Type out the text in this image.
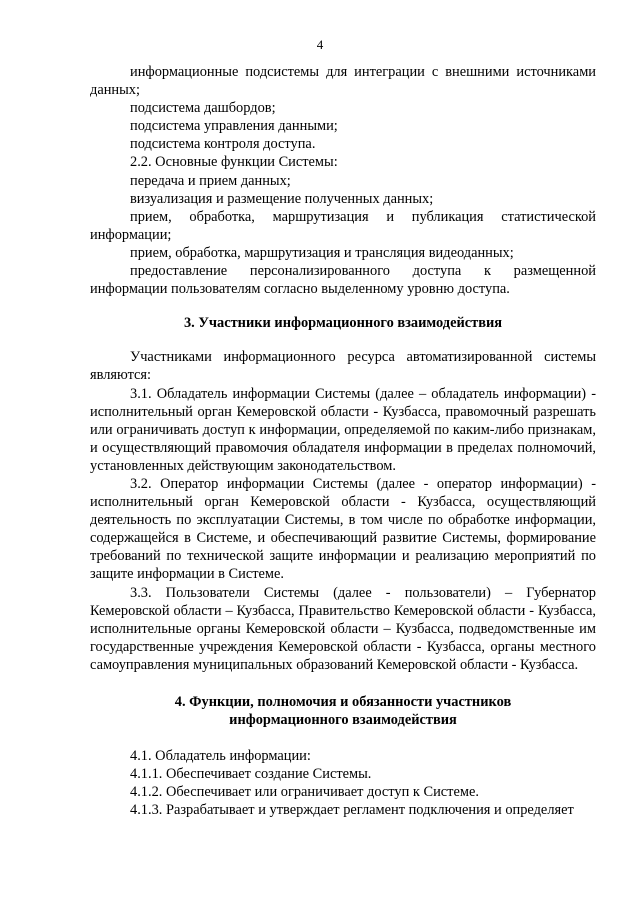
4

информационные подсистемы для интеграции с внешними источниками данных;

подсистема дашбордов;

подсистема управления данными;

подсистема контроля доступа.

2.2. Основные функции Системы:

передача и прием данных;

визуализация и размещение полученных данных;

прием, обработка, маршрутизация и публикация статистической информации;

прием, обработка, маршрутизация и трансляция видеоданных;

предоставление персонализированного доступа к размещенной информации пользователям согласно выделенному уровню доступа.

3. Участники информационного взаимодействия

Участниками информационного ресурса автоматизированной системы являются:

3.1. Обладатель информации Системы (далее – обладатель информации) - исполнительный орган Кемеровской области - Кузбасса, правомочный разрешать или ограничивать доступ к информации, определяемой по каким-либо признакам, и осуществляющий правомочия обладателя информации в пределах полномочий, установленных действующим законодательством.

3.2. Оператор информации Системы (далее - оператор информации) - исполнительный орган Кемеровской области - Кузбасса, осуществляющий деятельность по эксплуатации Системы, в том числе по обработке информации, содержащейся в Системе, и обеспечивающий развитие Системы, формирование требований по технической защите информации и реализацию мероприятий по защите информации в Системе.

3.3. Пользователи Системы (далее - пользователи) – Губернатор Кемеровской области – Кузбасса, Правительство Кемеровской области - Кузбасса, исполнительные органы Кемеровской области – Кузбасса, подведомственные им государственные учреждения Кемеровской области - Кузбасса, органы местного самоуправления муниципальных образований Кемеровской области - Кузбасса.

4. Функции, полномочия и обязанности участников

информационного взаимодействия

4.1. Обладатель информации:

4.1.1. Обеспечивает создание Системы.

4.1.2. Обеспечивает или ограничивает доступ к Системе.

4.1.3. Разрабатывает и утверждает регламент подключения и определяет
